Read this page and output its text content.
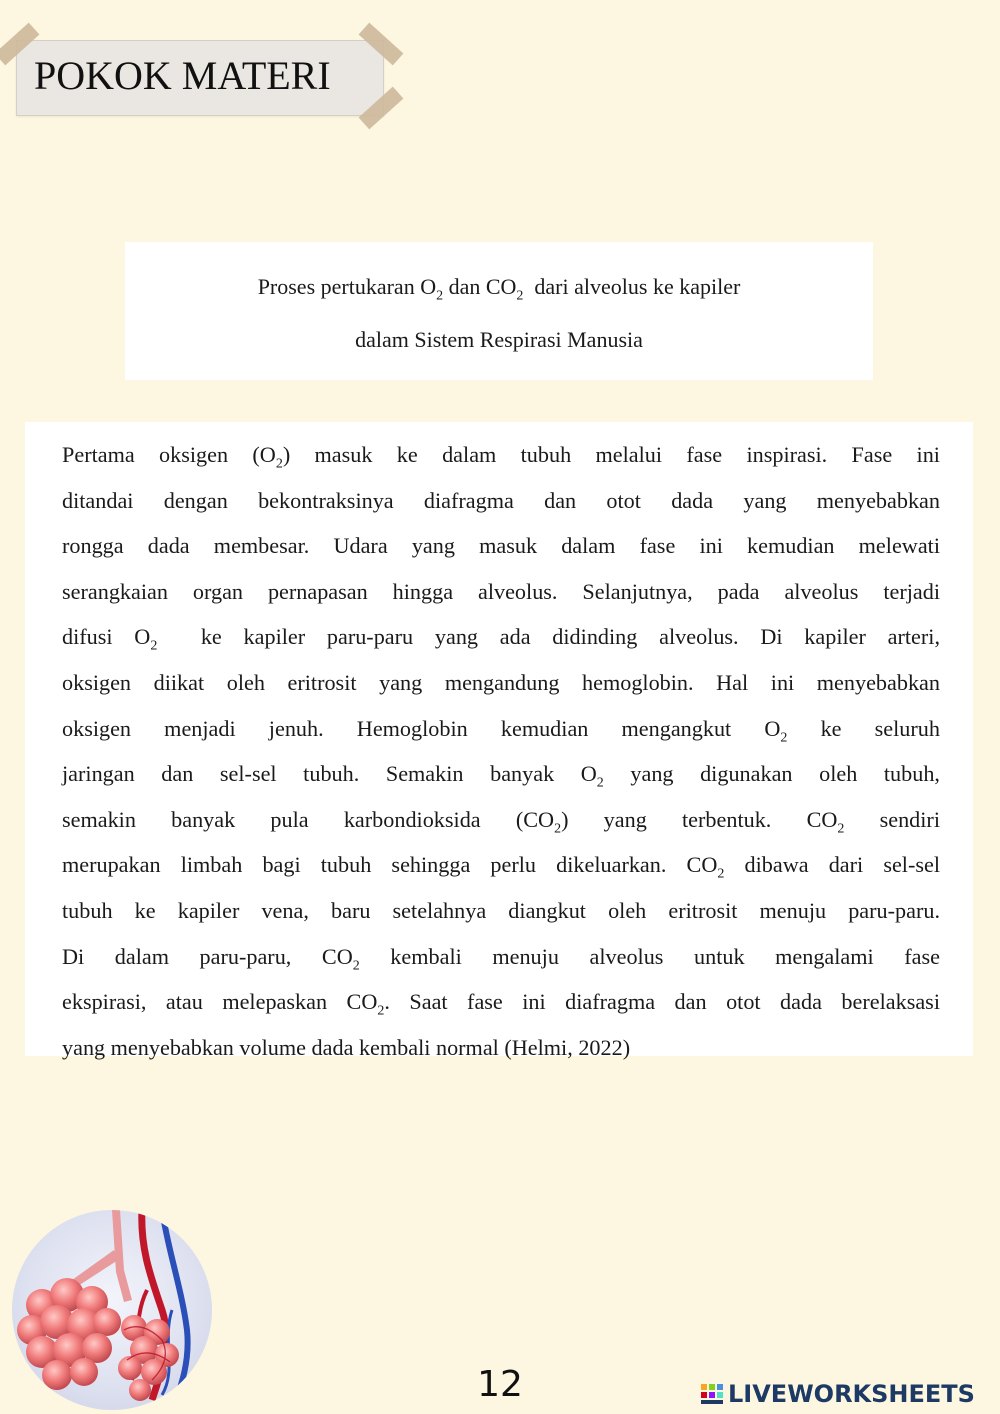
POKOK MATERI
Proses pertukaran $O_2$ dan $CO_2$  dari alveolus ke kapiler
dalam Sistem Respirasi Manusia

Pertama oksigen $(O_2)$ masuk ke dalam tubuh melalui fase inspirasi. Fase ini
ditandai dengan bekontraksinya diafragma dan otot dada yang menyebabkan
rongga dada membesar. Udara yang masuk dalam fase ini kemudian melewati
serangkaian organ pernapasan hingga alveolus. Selanjutnya, pada alveolus terjadi
difusi $O_2$  ke kapiler paru-paru yang ada didinding alveolus. Di kapiler arteri,
oksigen diikat oleh eritrosit yang mengandung hemoglobin. Hal ini menyebabkan
oksigen menjadi jenuh. Hemoglobin kemudian mengangkut $O_2$ ke seluruh
jaringan dan sel-sel tubuh. Semakin banyak $O_2$ yang digunakan oleh tubuh,
semakin banyak pula karbondioksida $(CO_2)$ yang terbentuk. $CO_2$ sendiri
merupakan limbah bagi tubuh sehingga perlu dikeluarkan. $CO_2$ dibawa dari sel-sel
tubuh ke kapiler vena, baru setelahnya diangkut oleh eritrosit menuju paru-paru.
Di dalam paru-paru, $CO_2$ kembali menuju alveolus untuk mengalami fase
ekspirasi, atau melepaskan $CO_2$. Saat fase ini diafragma dan otot dada berelaksasi
yang menyebabkan volume dada kembali normal (Helmi, 2022)

12	LIVEWORKSHEETS
